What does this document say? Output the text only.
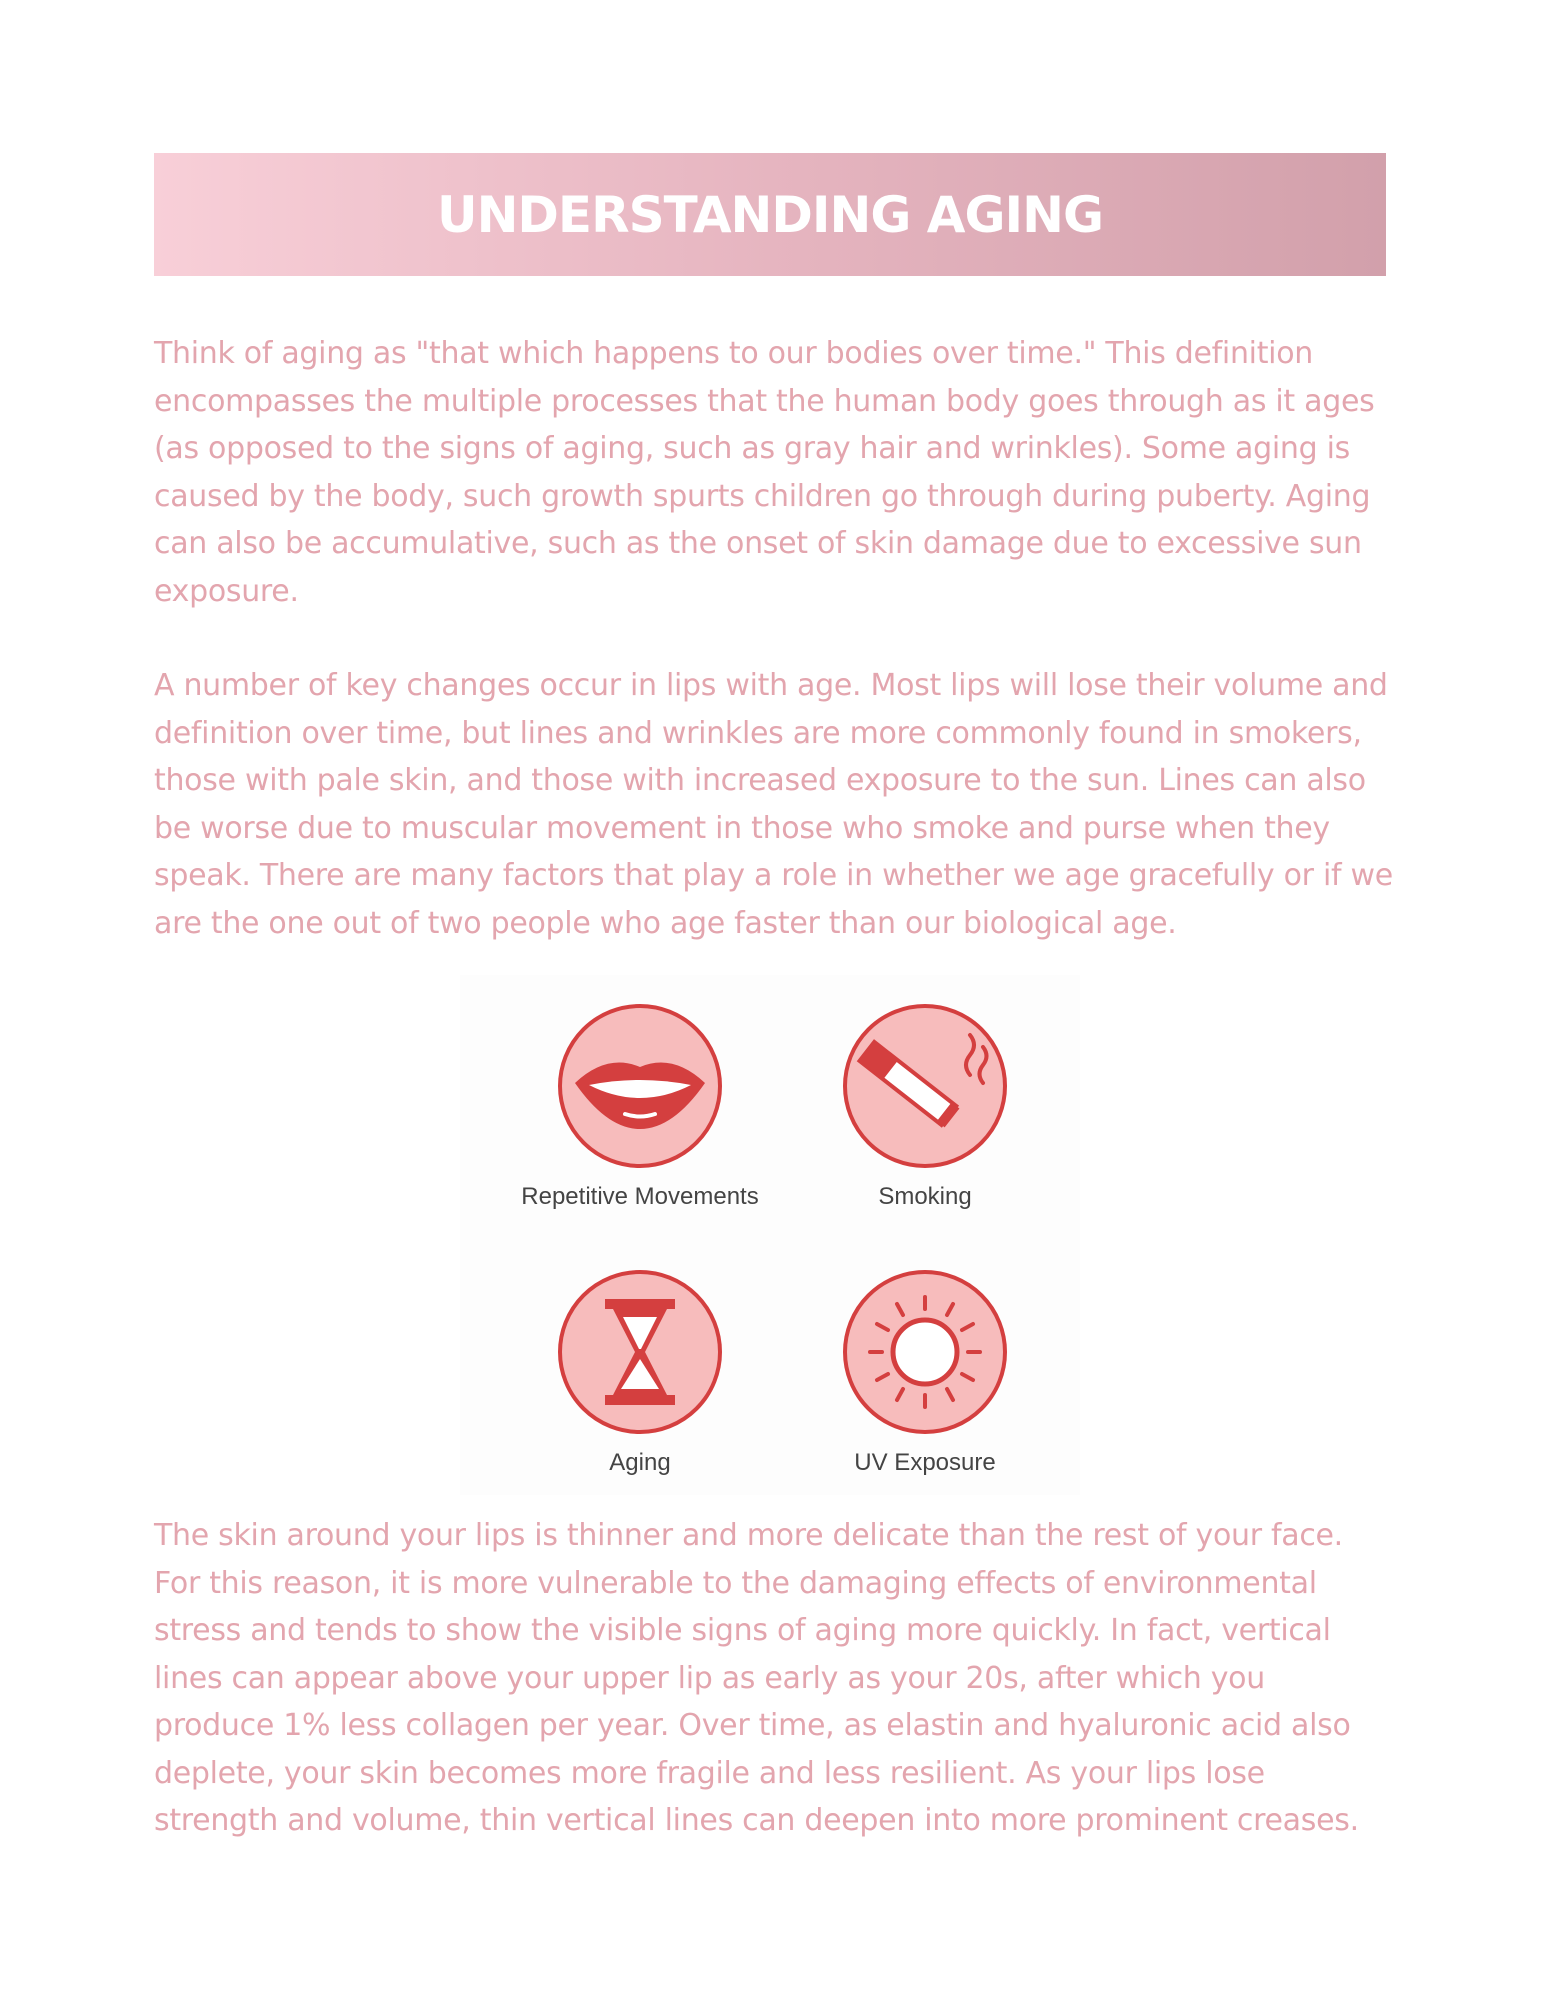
UNDERSTANDING AGING

Think of aging as "that which happens to our bodies over time." This definition encompasses the multiple processes that the human body goes through as it ages (as opposed to the signs of aging, such as gray hair and wrinkles). Some aging is caused by the body, such growth spurts children go through during puberty. Aging can also be accumulative, such as the onset of skin damage due to excessive sun exposure.

A number of key changes occur in lips with age. Most lips will lose their volume and definition over time, but lines and wrinkles are more commonly found in smokers, those with pale skin, and those with increased exposure to the sun. Lines can also be worse due to muscular movement in those who smoke and purse when they speak. There are many factors that play a role in whether we age gracefully or if we are the one out of two people who age faster than our biological age.

Repetitive Movements	Smoking
Aging	UV Exposure

The skin around your lips is thinner and more delicate than the rest of your face. For this reason, it is more vulnerable to the damaging effects of environmental stress and tends to show the visible signs of aging more quickly. In fact, vertical lines can appear above your upper lip as early as your 20s, after which you produce 1% less collagen per year. Over time, as elastin and hyaluronic acid also deplete, your skin becomes more fragile and less resilient. As your lips lose strength and volume, thin vertical lines can deepen into more prominent creases.
